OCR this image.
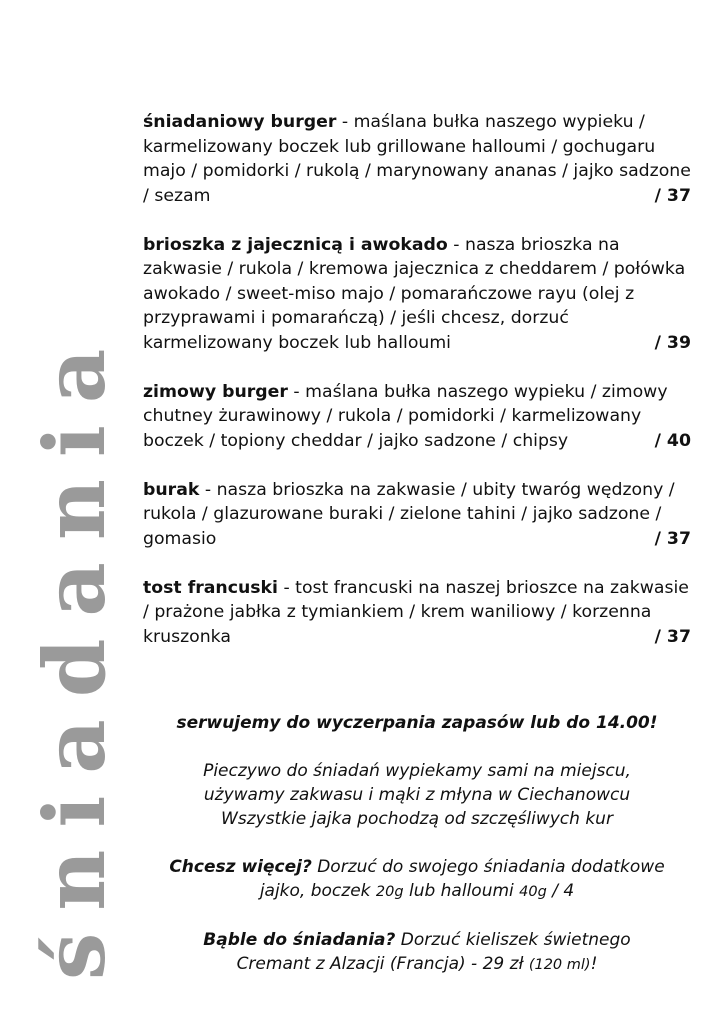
śniadania
śniadaniowy burger - maślana bułka naszego wypieku / karmelizowany boczek lub grillowane halloumi / gochugaru majo / pomidorki / rukolą / marynowany ananas / jajko sadzone / sezam	/ 37
brioszka z jajecznicą i awokado - nasza brioszka na zakwasie / rukola / kremowa jajecznica z cheddarem / połówka awokado / sweet-miso majo / pomarańczowe rayu (olej z przyprawami i pomarańczą) / jeśli chcesz, dorzuć karmelizowany boczek lub halloumi	/ 39
zimowy burger - maślana bułka naszego wypieku / zimowy chutney żurawinowy / rukola / pomidorki / karmelizowany boczek / topiony cheddar / jajko sadzone / chipsy	/ 40
burak - nasza brioszka na zakwasie / ubity twaróg wędzony / rukola / glazurowane buraki / zielone tahini / jajko sadzone / gomasio	/ 37
tost francuski - tost francuski na naszej brioszce na zakwasie / prażone jabłka z tymiankiem / krem waniliowy / korzenna kruszonka	/ 37

serwujemy do wyczerpania zapasów lub do 14.00!

Pieczywo do śniadań wypiekamy sami na miejscu,
używamy zakwasu i mąki z młyna w Ciechanowcu
Wszystkie jajka pochodzą od szczęśliwych kur

Chcesz więcej? Dorzuć do swojego śniadania dodatkowe
jajko, boczek 20g lub halloumi 40g / 4

Bąble do śniadania? Dorzuć kieliszek świetnego
Cremant z Alzacji (Francja) - 29 zł (120 ml)!
